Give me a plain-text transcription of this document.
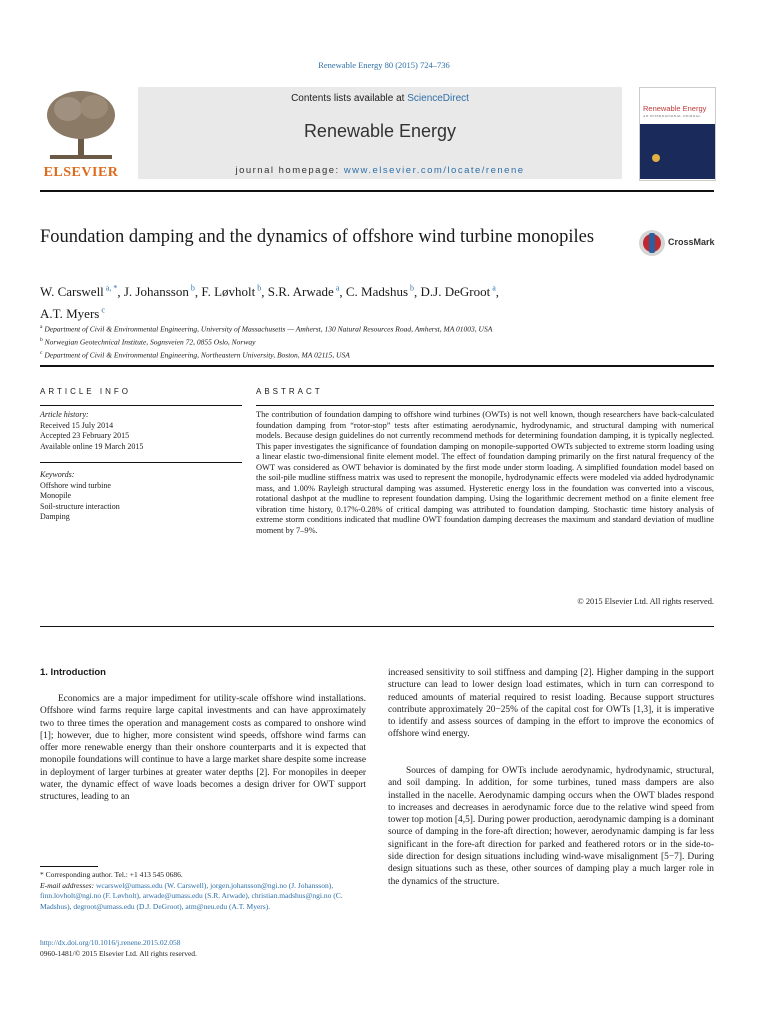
Renewable Energy 80 (2015) 724–736
ELSEVIER
Contents lists available at ScienceDirect
Renewable Energy
journal homepage: www.elsevier.com/locate/renene
Renewable Energy
AN INTERNATIONAL JOURNAL
Foundation damping and the dynamics of offshore wind turbine monopiles	CrossMark
W. Carswell $^{a, *}$, J. Johansson $^b$, F. Løvholt $^b$, S.R. Arwade $^a$, C. Madshus $^b$, D.J. DeGroot $^a$,
A.T. Myers $^c$
$^a$ Department of Civil & Environmental Engineering, University of Massachusetts — Amherst, 130 Natural Resources Road, Amherst, MA 01003, USA
$^b$ Norwegian Geotechnical Institute, Sognsveien 72, 0855 Oslo, Norway
$^c$ Department of Civil & Environmental Engineering, Northeastern University, Boston, MA 02115, USA
ARTICLE INFO
Article history:
Received 15 July 2014
Accepted 23 February 2015
Available online 19 March 2015
Keywords:
Offshore wind turbine
Monopile
Soil-structure interaction
Damping
ABSTRACT

The contribution of foundation damping to offshore wind turbines (OWTs) is not well known, though researchers have back-calculated foundation damping from “rotor-stop” tests after estimating aerodynamic, hydrodynamic, and structural damping with numerical models. Because design guidelines do not currently recommend methods for determining foundation damping, it is typically neglected. This paper investigates the significance of foundation damping on monopile-supported OWTs subjected to extreme storm loading using a linear elastic two-dimensional finite element model. The effect of foundation damping primarily on the first natural frequency of the OWT was considered as OWT behavior is dominated by the first mode under storm loading. A simplified foundation model based on the soil-pile mudline stiffness matrix was used to represent the monopile, hydrodynamic effects were modeled via added hydrodynamic mass, and 1.00% Rayleigh structural damping was assumed. Hysteretic energy loss in the foundation was converted into a viscous, rotational dashpot at the mudline to represent foundation damping. Using the logarithmic decrement method on a finite element free vibration time history, 0.17%-0.28% of critical damping was attributed to foundation damping. Stochastic time history analysis of extreme storm conditions indicated that mudline OWT foundation damping decreases the maximum and standard deviation of mudline moment by 7–9%.

© 2015 Elsevier Ltd. All rights reserved.
1. Introduction

Economics are a major impediment for utility-scale offshore wind installations. Offshore wind farms require large capital investments and can have approximately two to three times the operation and management costs as compared to onshore wind [1]; however, due to higher, more consistent wind speeds, offshore wind farms can offer more renewable energy than their onshore counterparts and it is expected that monopile foundations will continue to have a large market share despite some increase in deployment of larger turbines at greater water depths [2]. For monopiles in deeper water, the dynamic effect of wave loads becomes a design driver for OWT support structures, leading to an

increased sensitivity to soil stiffness and damping [2]. Higher damping in the support structure can lead to lower design load estimates, which in turn can correspond to reduced amounts of material required to resist loading. Because support structures contribute approximately 20−25% of the capital cost for OWTs [1,3], it is imperative to identify and assess sources of damping in the effort to improve the economics of offshore wind energy.

Sources of damping for OWTs include aerodynamic, hydrodynamic, structural, and soil damping. In addition, for some turbines, tuned mass dampers are also installed in the nacelle. Aerodynamic damping occurs when the OWT blades respond to increases and decreases in aerodynamic force due to the relative wind speed from tower top motion [4,5]. During power production, aerodynamic damping is a dominant source of damping in the fore-aft direction; however, aerodynamic damping is far less significant in the fore-aft direction for parked and feathered rotors or in the side-to-side direction for design situations including wind-wave misalignment [5−7]. During design situations such as these, other sources of damping play a much larger role in the dynamics of the structure.

* Corresponding author. Tel.: +1 413 545 0686.
E-mail addresses: wcarswel@umass.edu (W. Carswell), jorgen.johansson@ngi.no (J. Johansson), finn.lovholt@ngi.no (F. Løvholt), arwade@umass.edu (S.R. Arwade), christian.madshus@ngi.no (C. Madshus), degroot@umass.edu (D.J. DeGroot), atm@neu.edu (A.T. Myers).
http://dx.doi.org/10.1016/j.renene.2015.02.058
0960-1481/© 2015 Elsevier Ltd. All rights reserved.
